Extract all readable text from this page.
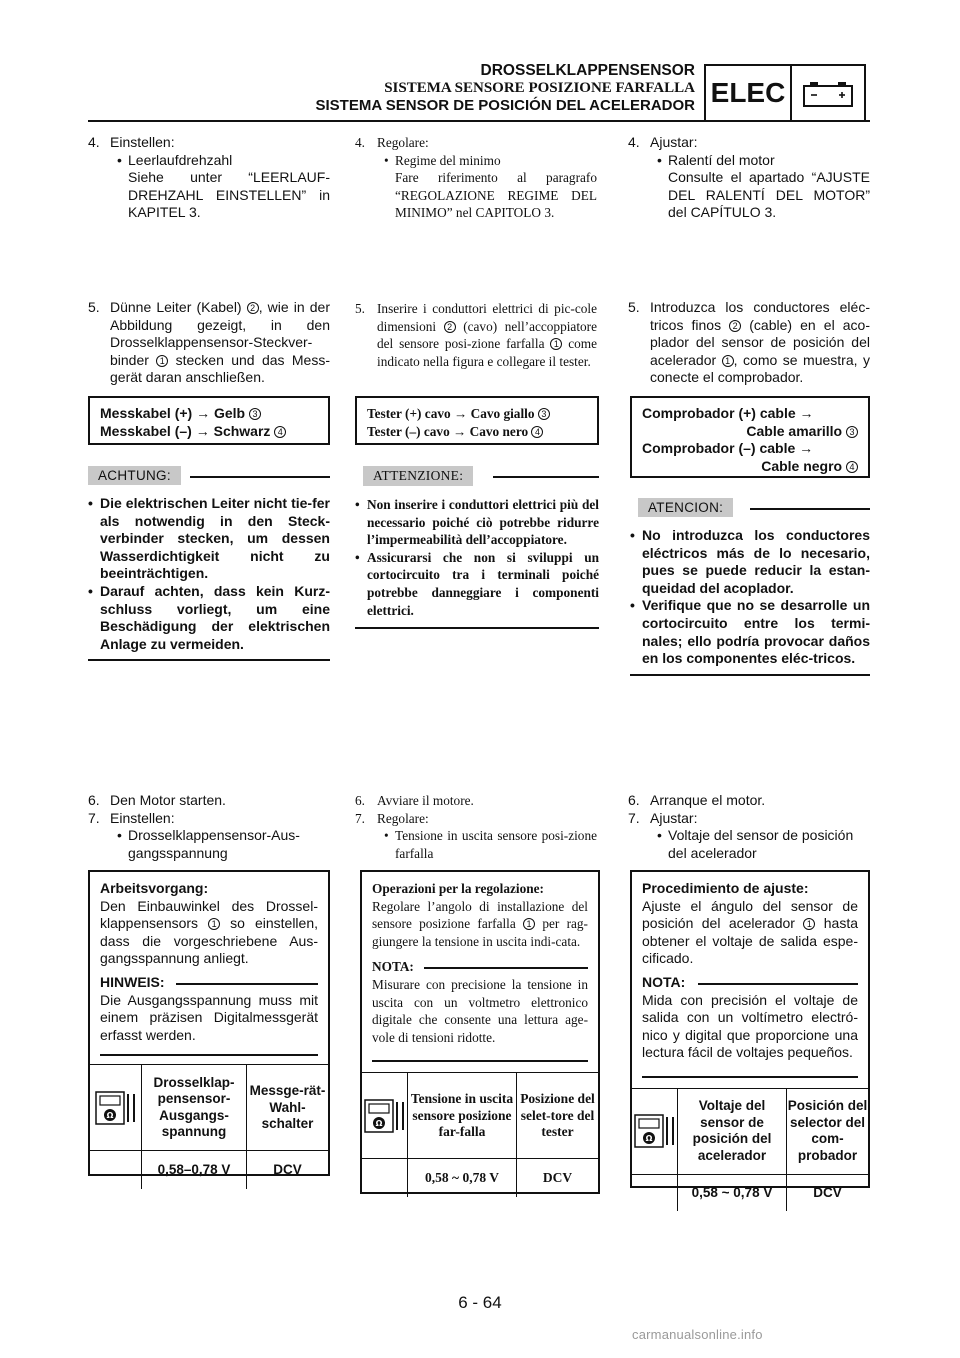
DROSSELKLAPPENSENSOR
SISTEMA SENSORE POSIZIONE FARFALLA
SISTEMA SENSOR DE POSICIÓN DEL ACELERADOR ELEC
4. Einstellen:
• Leerlaufdrehzahl
Siehe unter “LEERLAUF-DREHZAHL EINSTELLEN” in KAPITEL 3.
5. Dünne Leiter (Kabel) 2 , wie in der Abbildung gezeigt, in den Drosselklappensensor-Steckver-binder 1 stecken und das Mess-gerät daran anschließen.
Messkabel (+) → Gelb 3
Messkabel (–) → Schwarz 4
ACHTUNG:
• Die elektrischen Leiter nicht tie-fer als notwendig in den Steck-verbinder stecken, um dessen Wasserdichtigkeit nicht zu beeinträchtigen.
• Darauf achten, dass kein Kurz-schluss vorliegt, um eine Beschädigung der elektrischen Anlage zu vermeiden.
6. Den Motor starten.
7. Einstellen:
• Drosselklappensensor-Aus-gangsspannung
Arbeitsvorgang:
Den Einbauwinkel des Drossel-klappensensors 1 so einstellen, dass die vorgeschriebene Aus-gangsspannung anliegt.
HINWEIS:
Die Ausgangsspannung muss mit einem präzisen Digitalmessgerät erfasst werden.
Ω
Drosselklap-pensensor-Ausgangs-spannung
Messge-rät-Wahl-schalter
0,58–0,78 V	DCV
4. Regolare:
• Regime del minimo
Fare riferimento al paragrafo “REGOLAZIONE REGIME DEL MINIMO” nel CAPITOLO 3.
5. Inserire i conduttori elettrici di pic-cole dimensioni 2 (cavo) nell’accoppiatore del sensore posi-zione farfalla 1 come indicato nella figura e collegare il tester.
Tester (+) cavo → Cavo giallo 3
Tester (–) cavo → Cavo nero 4
ATTENZIONE:
• Non inserire i conduttori elettrici più del necessario poiché ciò potrebbe ridurre l’impermeabilità dell’accoppiatore.
• Assicurarsi che non si sviluppi un cortocircuito tra i terminali poiché potrebbe danneggiare i componenti elettrici.
6. Avviare il motore.
7. Regolare:
• Tensione in uscita sensore posi-zione farfalla
Operazioni per la regolazione:
Regolare l’angolo di installazione del sensore posizione farfalla 1 per rag-giungere la tensione in uscita indi-cata.
NOTA:
Misurare con precisione la tensione in uscita con un voltmetro elettronico digitale che consente una lettura age-vole di tensioni ridotte.
Ω
Tensione in uscita sensore posizione far-falla
Posizione del selet-tore del tester
0,58 ~ 0,78 V	DCV
4. Ajustar:
• Ralentí del motor
Consulte el apartado “AJUSTE DEL RALENTÍ DEL MOTOR” del CAPÍTULO 3.
5. Introduzca los conductores eléc-tricos finos 2 (cable) en el aco-plador del sensor de posición del acelerador 1 , como se muestra, y conecte el comprobador.
Comprobador (+) cable →
Cable amarillo 3
Comprobador (–) cable →
Cable negro 4
ATENCION:
• No introduzca los conductores eléctricos más de lo necesario, pues se puede reducir la estan-queidad del acoplador.
• Verifique que no se desarrolle un cortocircuito entre los termi-nales; ello podría provocar daños en los componentes eléc-tricos.
6. Arranque el motor.
7. Ajustar:
• Voltaje del sensor de posición del acelerador
Procedimiento de ajuste:
Ajuste el ángulo del sensor de posición del acelerador 1 hasta obtener el voltaje de salida espe-cificado.
NOTA:
Mida con precisión el voltaje de salida con un voltímetro electró-nico y digital que proporcione una lectura fácil de voltajes pequeños.
Ω
Voltaje del sensor de posición del acelerador
Posición del selector del com-probador
0,58 ~ 0,78 V	DCV
6 - 64
carmanualsonline.info
